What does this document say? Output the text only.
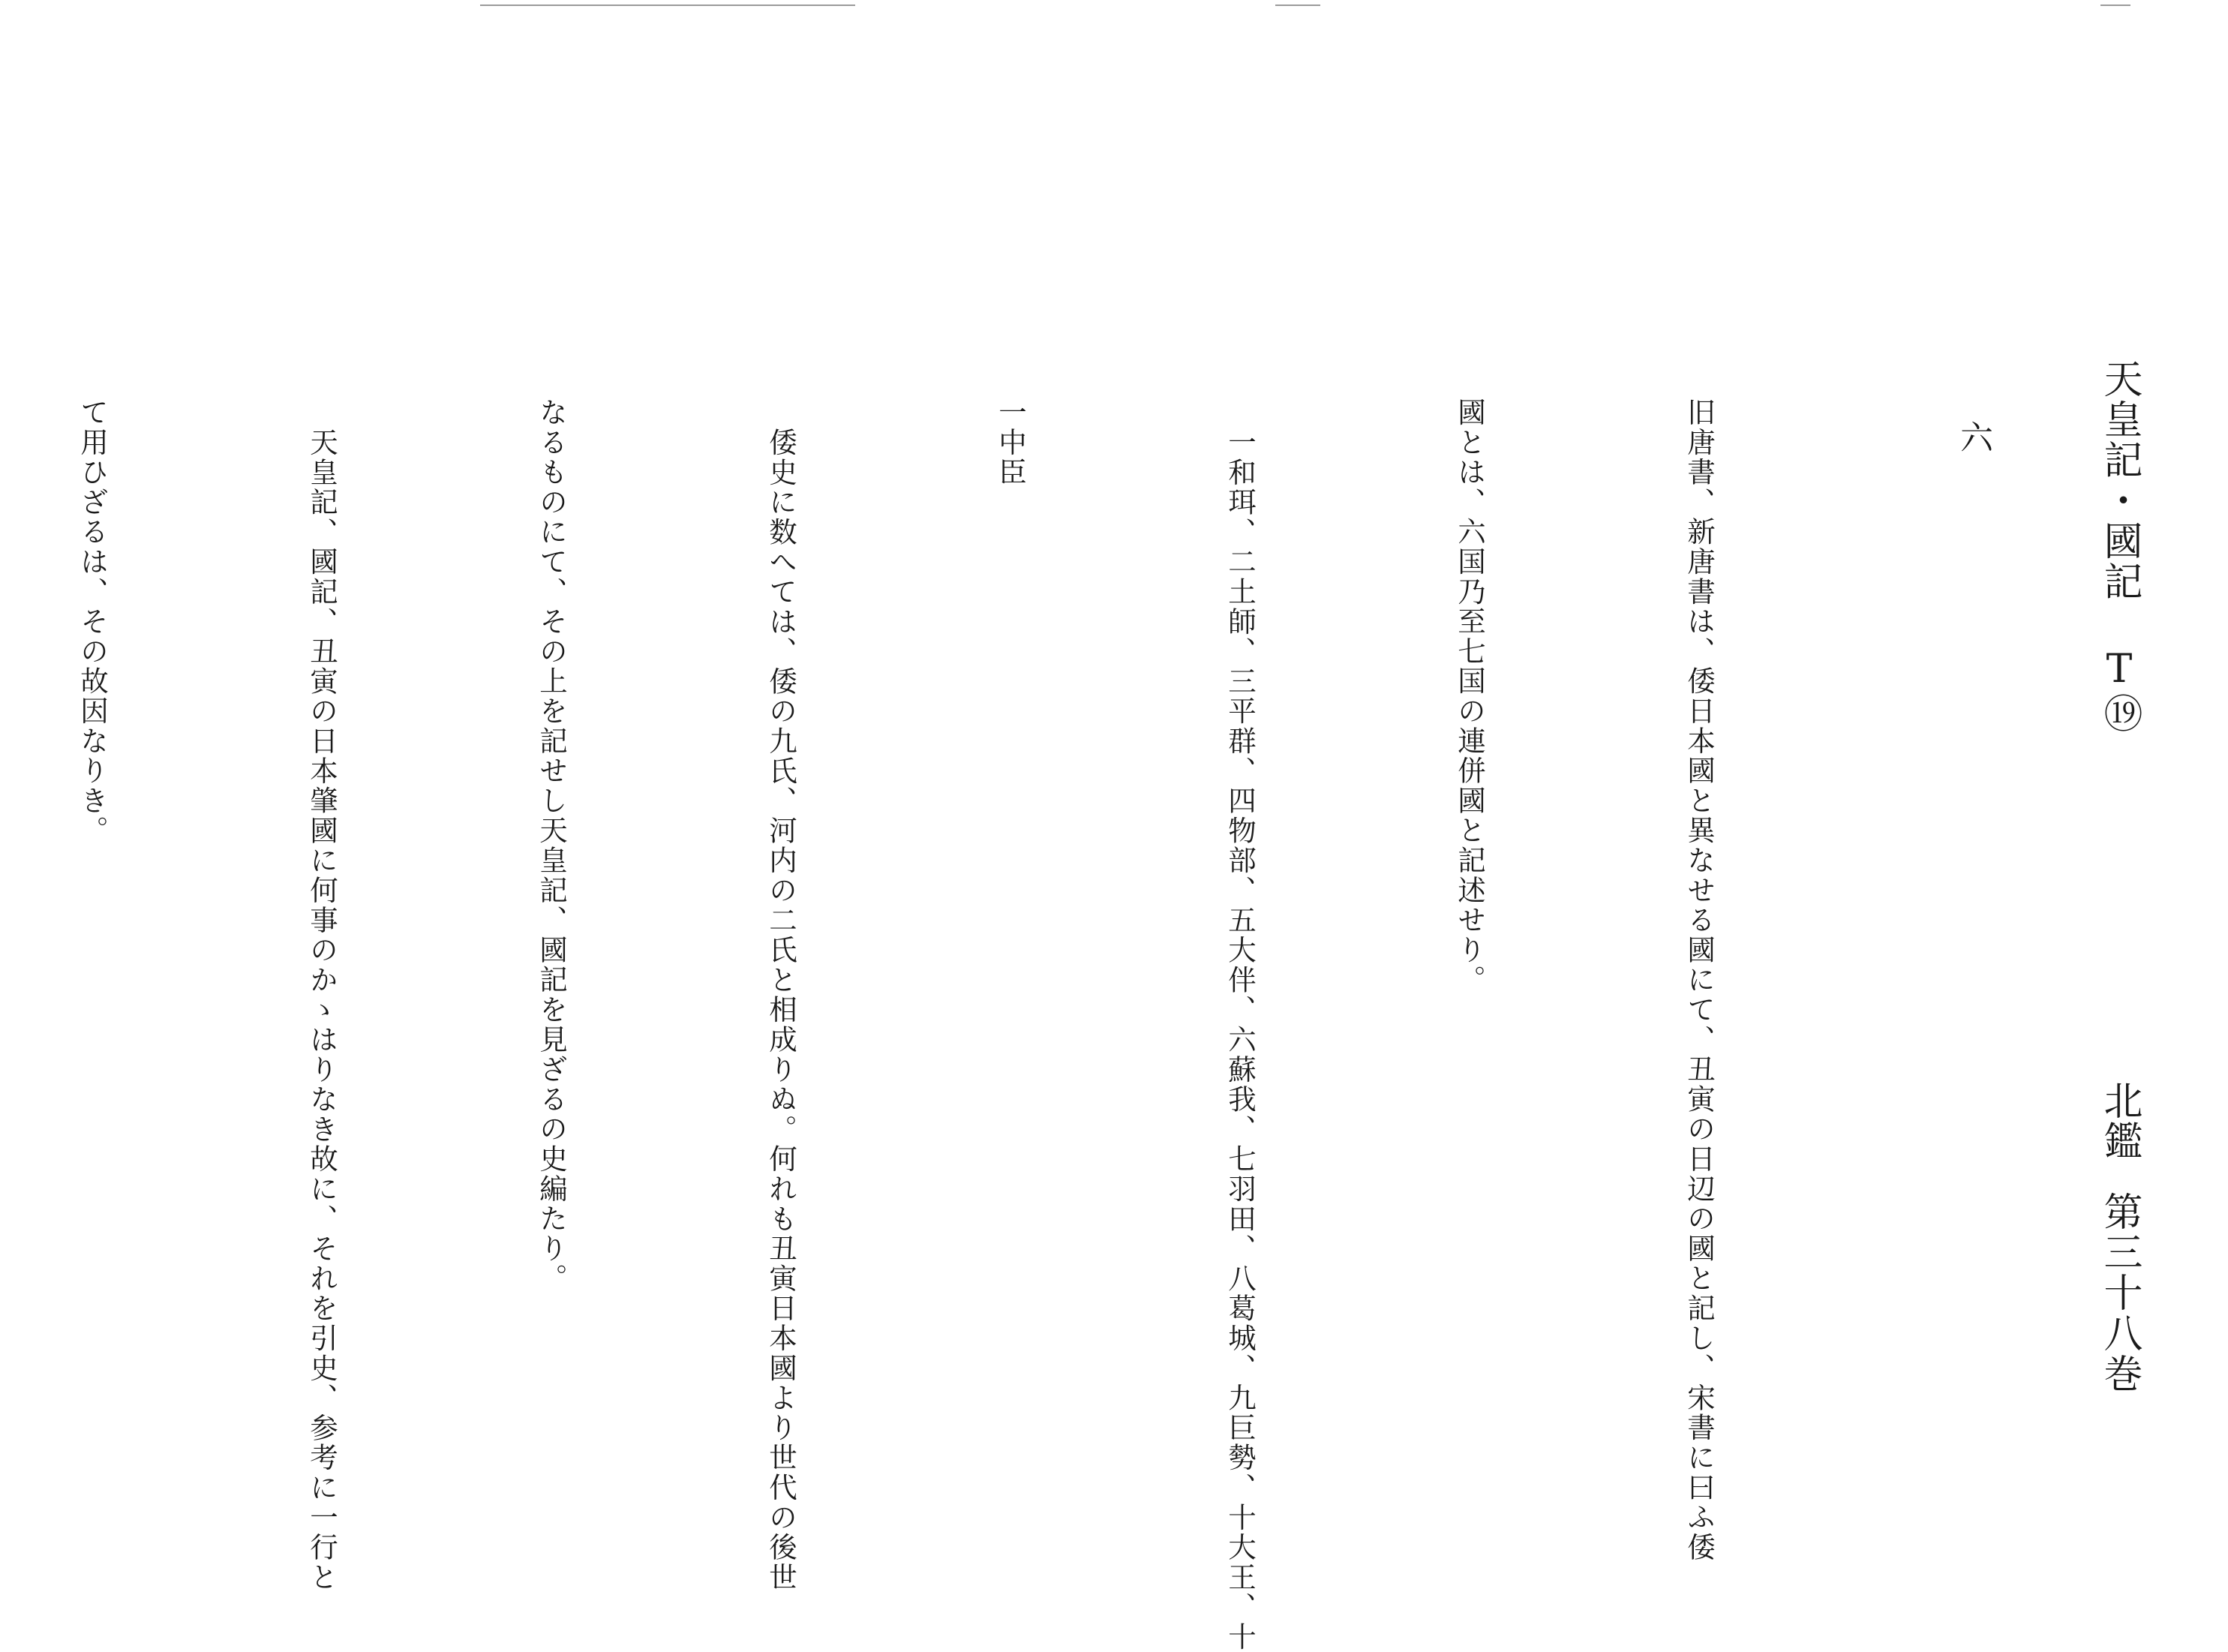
天皇記・國記
T⑲
北鑑
第三十八巻
六

旧唐書、新唐書は、倭日本國と異なせる國にて、丑寅の日辺の國と記し、宋書に曰ふ倭

國とは、六国乃至七国の連併國と記述せり。

一和珥、二土師、三平群、四物部、五大伴、六蘇我、七羽田、八葛城、九巨勢、十大王、十

一中臣

倭史に数へては、倭の九氏、河内の二氏と相成りぬ。何れも丑寅日本國より世代の後世

なるものにて、その上を記せし天皇記、國記を見ざるの史編たり。

天皇記、國記、丑寅の日本肇國に何事のかゝはりなき故に、それを引史、参考に一行と

て用ひざるは、その故因なりき。
